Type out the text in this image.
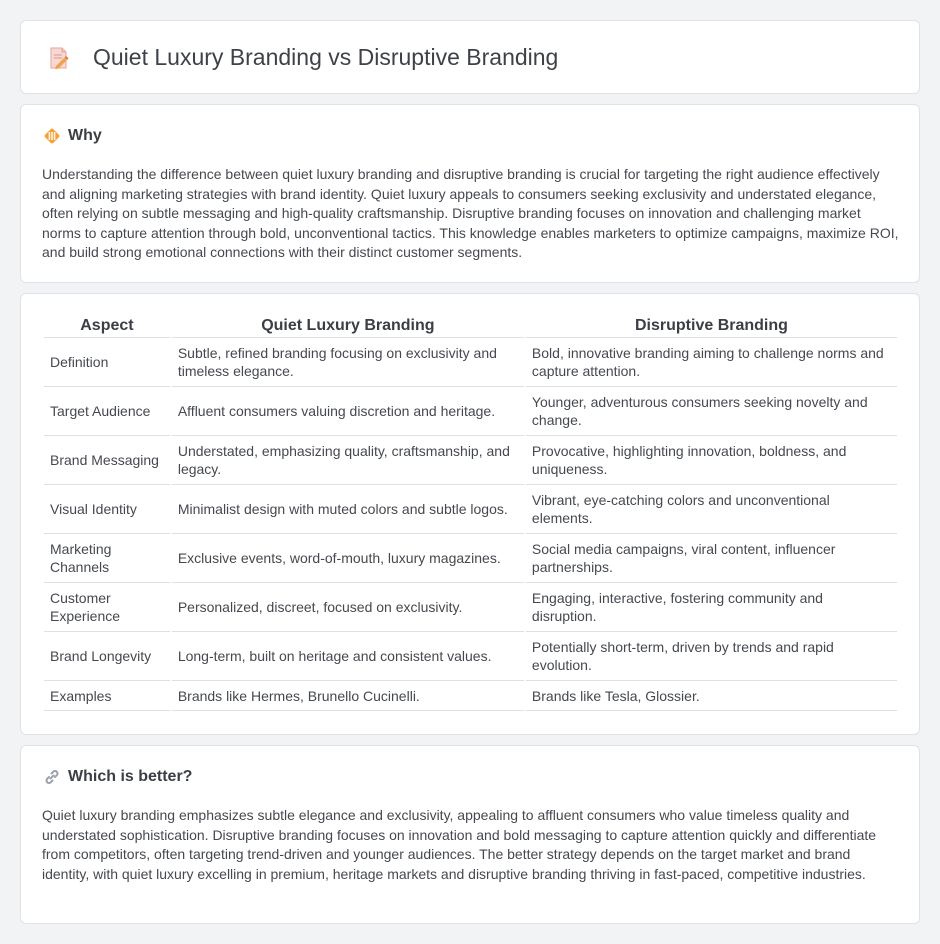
Quiet Luxury Branding vs Disruptive Branding
Why

Understanding the difference between quiet luxury branding and disruptive branding is crucial for targeting the right audience effectively and aligning marketing strategies with brand identity. Quiet luxury appeals to consumers seeking exclusivity and understated elegance, often relying on subtle messaging and high-quality craftsmanship. Disruptive branding focuses on innovation and challenging market norms to capture attention through bold, unconventional tactics. This knowledge enables marketers to optimize campaigns, maximize ROI, and build strong emotional connections with their distinct customer segments.

Aspect	Quiet Luxury Branding	Disruptive Branding
Definition	Subtle, refined branding focusing on exclusivity and timeless elegance.	Bold, innovative branding aiming to challenge norms and capture attention.
Target Audience	Affluent consumers valuing discretion and heritage.	Younger, adventurous consumers seeking novelty and change.
Brand Messaging	Understated, emphasizing quality, craftsmanship, and legacy.	Provocative, highlighting innovation, boldness, and uniqueness.
Visual Identity	Minimalist design with muted colors and subtle logos.	Vibrant, eye-catching colors and unconventional elements.
Marketing Channels	Exclusive events, word-of-mouth, luxury magazines.	Social media campaigns, viral content, influencer partnerships.
Customer Experience	Personalized, discreet, focused on exclusivity.	Engaging, interactive, fostering community and disruption.
Brand Longevity	Long-term, built on heritage and consistent values.	Potentially short-term, driven by trends and rapid evolution.
Examples	Brands like Hermes, Brunello Cucinelli.	Brands like Tesla, Glossier.
Which is better?

Quiet luxury branding emphasizes subtle elegance and exclusivity, appealing to affluent consumers who value timeless quality and understated sophistication. Disruptive branding focuses on innovation and bold messaging to capture attention quickly and differentiate from competitors, often targeting trend-driven and younger audiences. The better strategy depends on the target market and brand identity, with quiet luxury excelling in premium, heritage markets and disruptive branding thriving in fast-paced, competitive industries.
